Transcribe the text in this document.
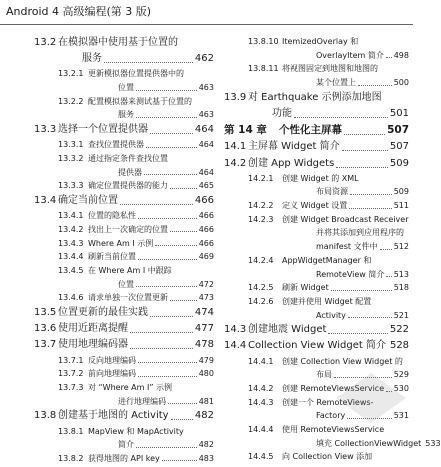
Android 4 高级编程(第 3 版)
13.2 在模拟器中使用基于位置的
服务	462
13.2.1 更新模拟器位置提供器中的
位置	463
13.2.2 配置模拟器来测试基于位置的
服务	463
13.3 选择一个位置提供器	464
13.3.1 查找位置提供器	464
13.3.2 通过指定条件查找位置
提供器	464
13.3.3 确定位置提供器的能力	465
13.4 确定当前位置	466
13.4.1 位置的隐私性	466
13.4.2 找出上一次确定的位置	466
13.4.3 Where Am I 示例	466
13.4.4 刷新当前位置	469
13.4.5 在 Where Am I 中跟踪
位置	472
13.4.6 请求单独一次位置更新	473
13.5 位置更新的最佳实践	474
13.6 使用近距离提醒	477
13.7 使用地理编码器	478
13.7.1 反向地理编码	479
13.7.2 前向地理编码	480
13.7.3 对 “Where Am I” 示例
进行地理编码	481
13.8 创建基于地图的 Activity	482
13.8.1 MapView 和 MapActivity
简介	482
13.8.2 获得地图的 API key	483
13.8.10 ItemizedOverlay 和
OverlayItem 简介 498
13.8.11 将视图固定到地图和地图的
某个位置上	500
13.9 对 Earthquake 示例添加地图
功能	501
第 14 章	个性化主屏幕	507
14.1 主屏幕 Widget 简介	507
14.2 创建 App Widgets	509
14.2.1	创建 Widget 的 XML
布局资源	509
14.2.2	定义 Widget 设置	511
14.2.3	创建 Widget Broadcast Receiver
并将其添加到应用程序的
manifest 文件中 512
14.2.4	AppWidgetManager 和
RemoteView 简介 513
14.2.5	刷新 Widget	518
14.2.6	创建并使用 Widget 配置
Activity	521
14.3 创建地震 Widget	522
14.4 Collection View Widget 简介 528
14.4.1	创建 Collection View Widget 的
布局	529
14.4.2	创建 RemoteViewsService 530
14.4.3	创建一个 RemoteViews-
Factory	531
14.4.4	使用 RemoteViewsService
填充 CollectionViewWidget 533
14.4.5	向 Collection View 添加
